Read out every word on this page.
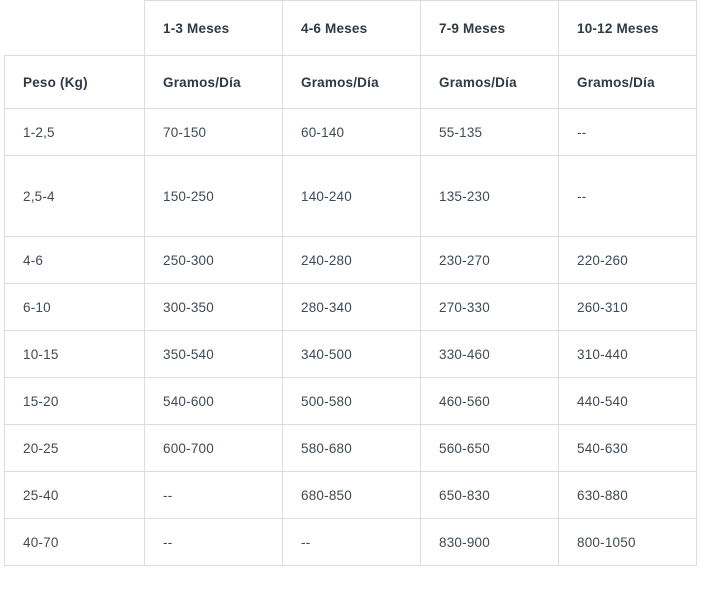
	1-3 Meses	4-6 Meses	7-9 Meses	10-12 Meses
Peso (Kg)	Gramos/Día	Gramos/Día	Gramos/Día	Gramos/Día
1-2,5	70-150	60-140	55-135	--
2,5-4	150-250	140-240	135-230	--
4-6	250-300	240-280	230-270	220-260
6-10	300-350	280-340	270-330	260-310
10-15	350-540	340-500	330-460	310-440
15-20	540-600	500-580	460-560	440-540
20-25	600-700	580-680	560-650	540-630
25-40	--	680-850	650-830	630-880
40-70	--	--	830-900	800-1050
